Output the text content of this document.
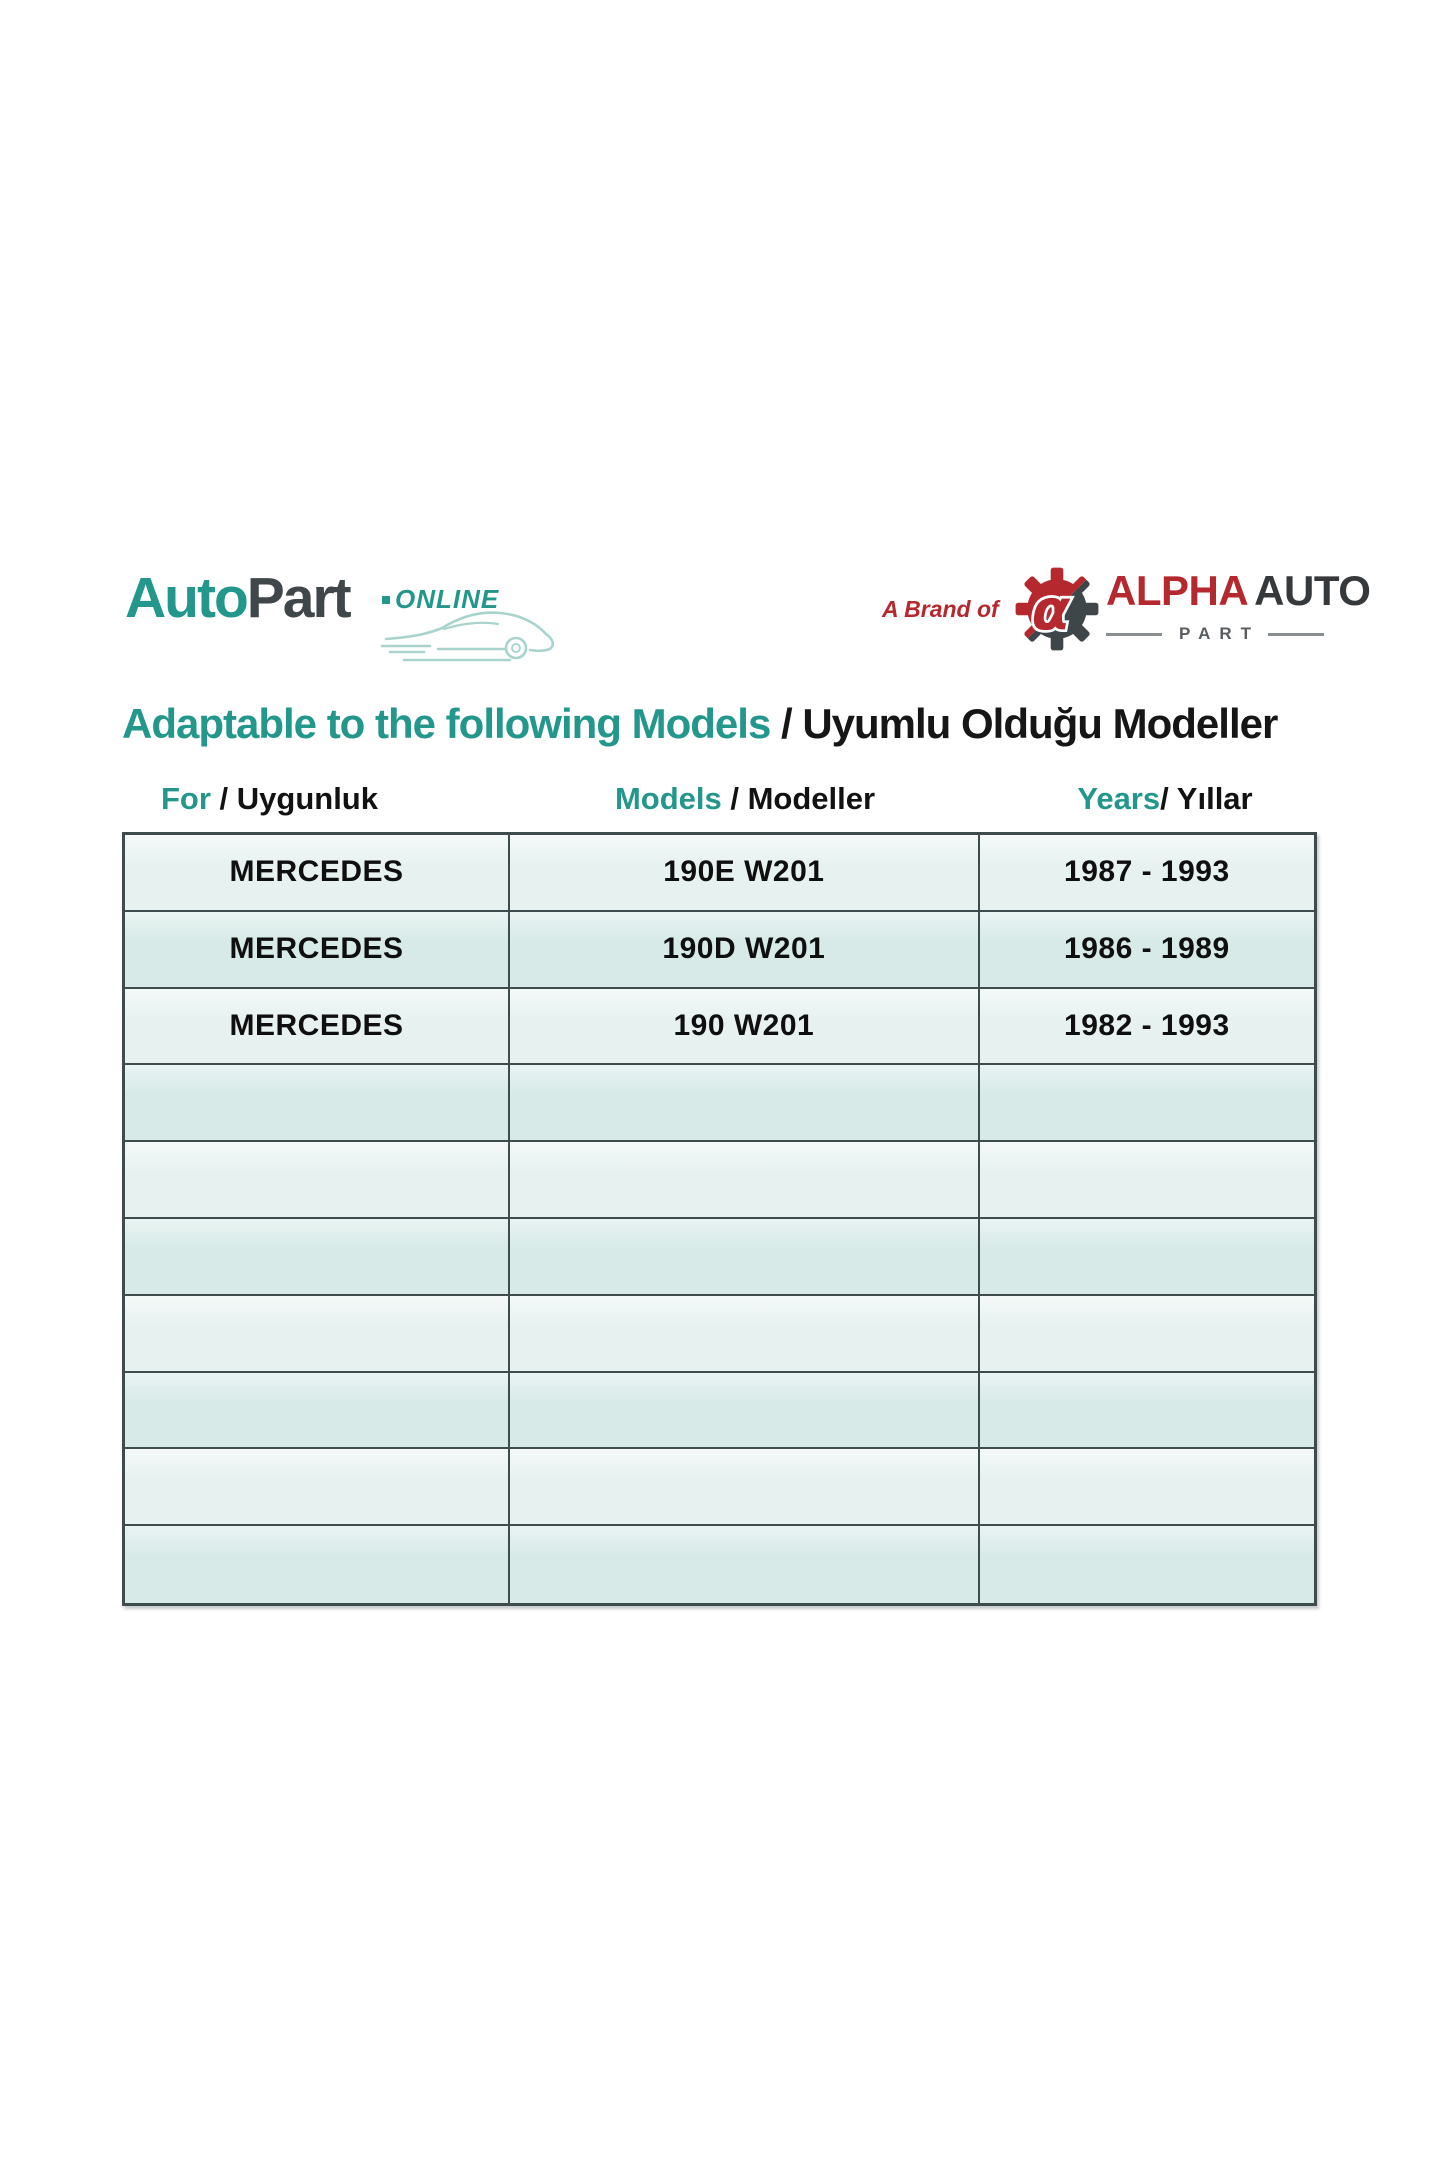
AutoPart ONLINE	A Brand of α ALPHA AUTO
PART
Adaptable to the following Models / Uyumlu Olduğu Modeller
For / Uygunluk	Models / Modeller	Years / Yıllar
MERCEDES	190E W201	1987 - 1993
MERCEDES	190D W201	1986 - 1989
MERCEDES	190 W201	1982 - 1993
